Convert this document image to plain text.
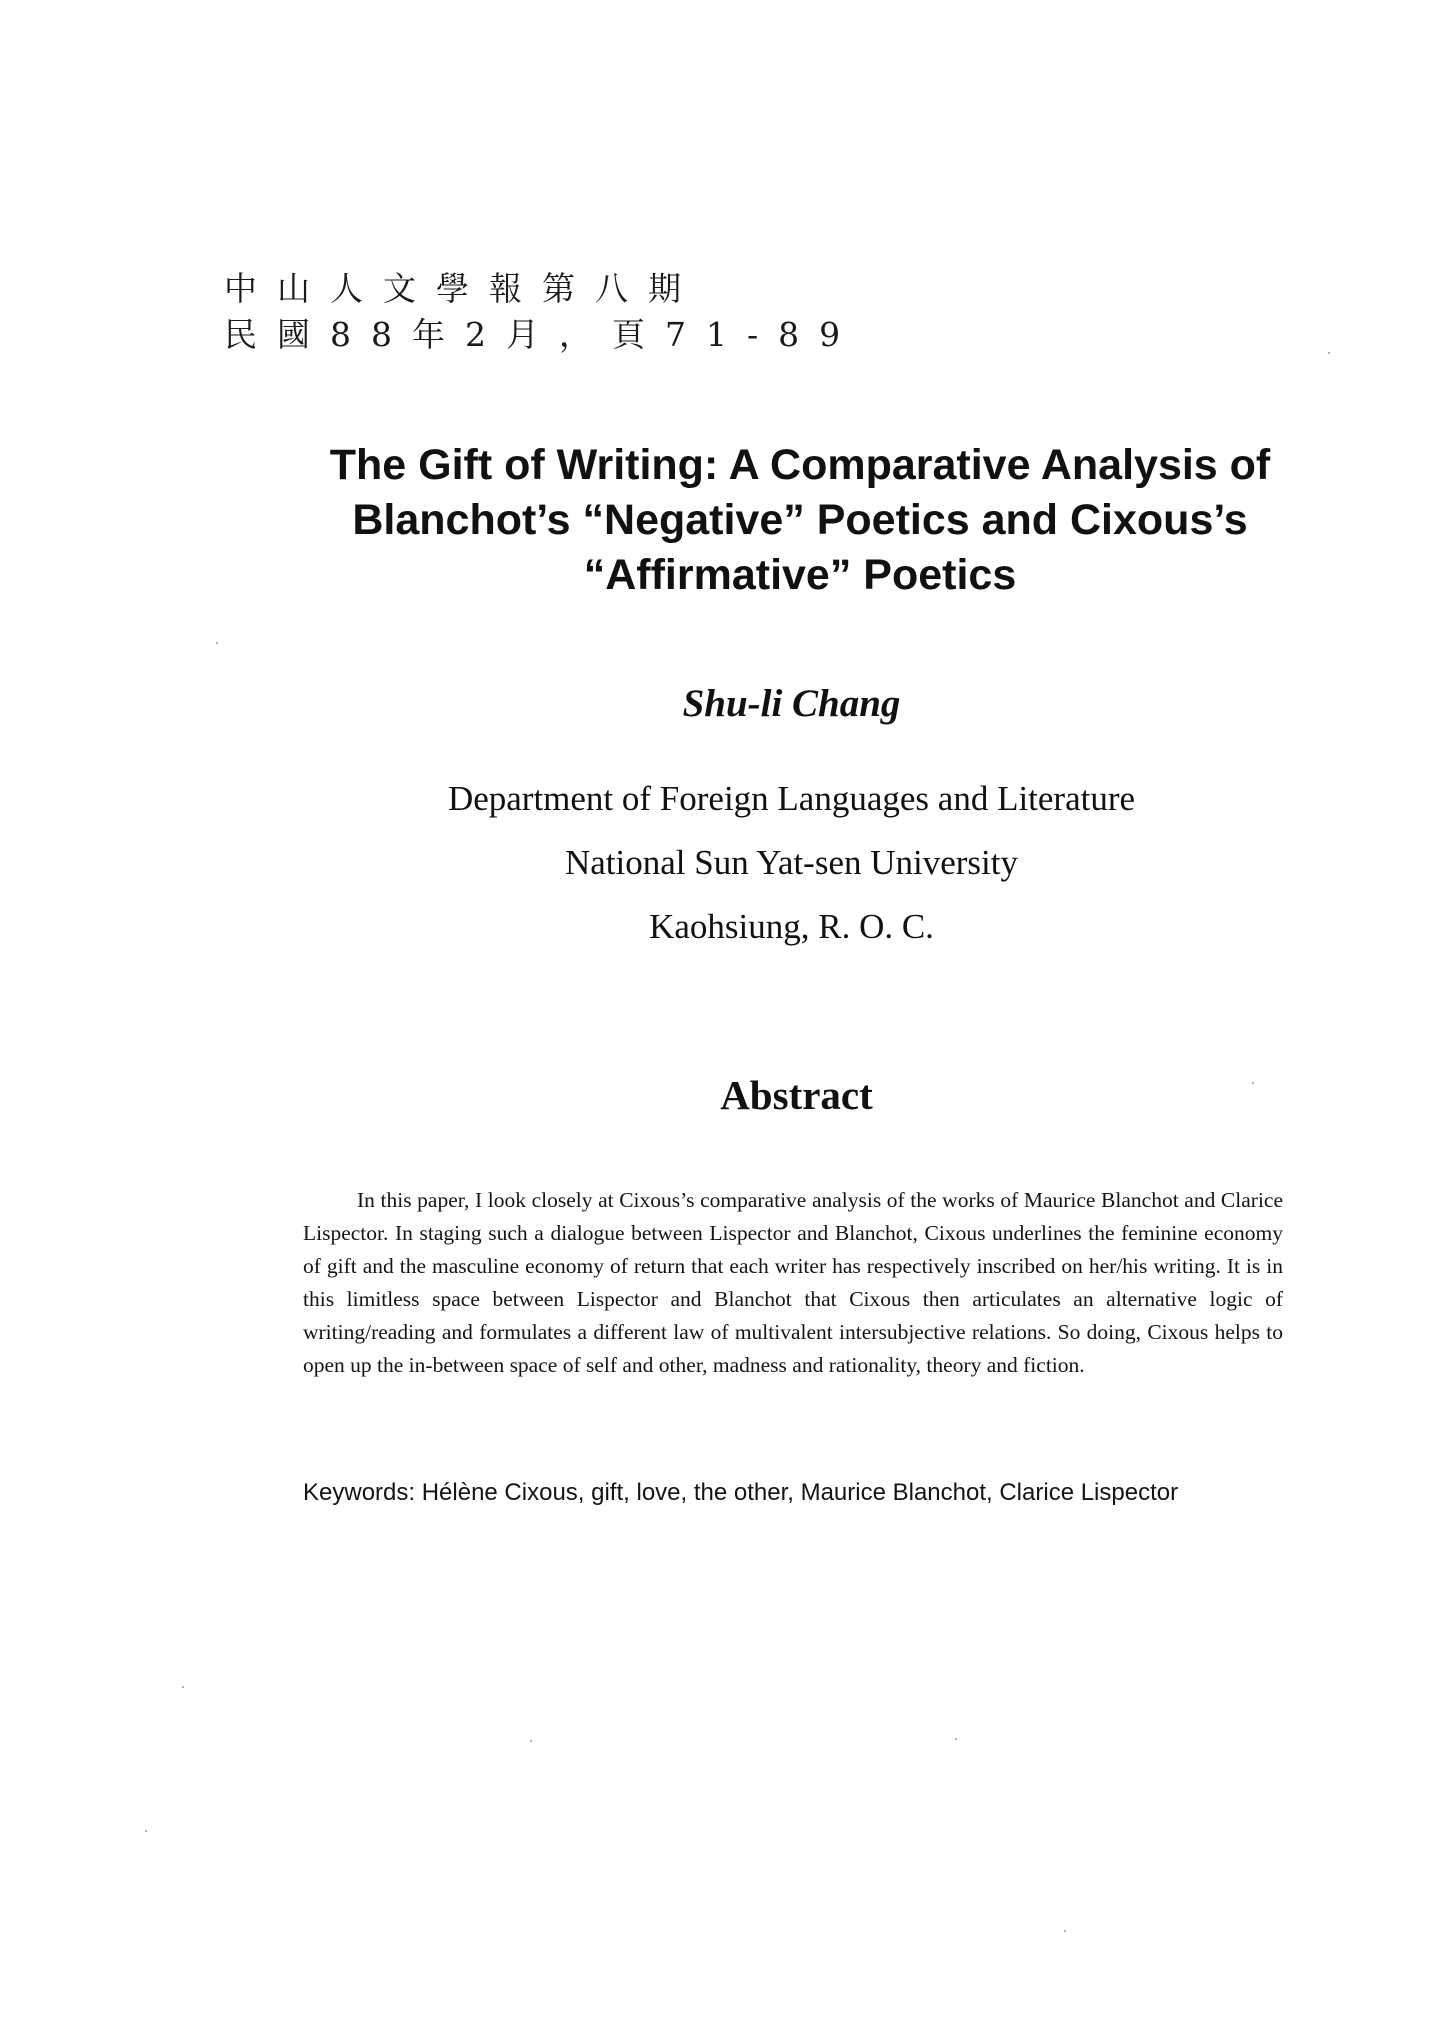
中山人文學報第八期
民國88年2月，頁71-89
The Gift of Writing: A Comparative Analysis of
Blanchot’s “Negative” Poetics and Cixous’s
“Affirmative” Poetics
Shu-li Chang
Department of Foreign Languages and Literature
National Sun Yat-sen University
Kaohsiung, R. O. C.
Abstract

In this paper, I look closely at Cixous’s comparative analysis of the works of Maurice Blanchot and Clarice Lispector. In staging such a dialogue between Lispector and Blanchot, Cixous underlines the feminine economy of gift and the masculine economy of return that each writer has respectively inscribed on her/his writing. It is in this limitless space between Lispector and Blanchot that Cixous then articulates an alternative logic of writing/reading and formulates a different law of multivalent intersubjective relations. So doing, Cixous helps to open up the in-between space of self and other, madness and rationality, theory and fiction.

Keywords: Hélène Cixous, gift, love, the other, Maurice Blanchot, Clarice Lispector
